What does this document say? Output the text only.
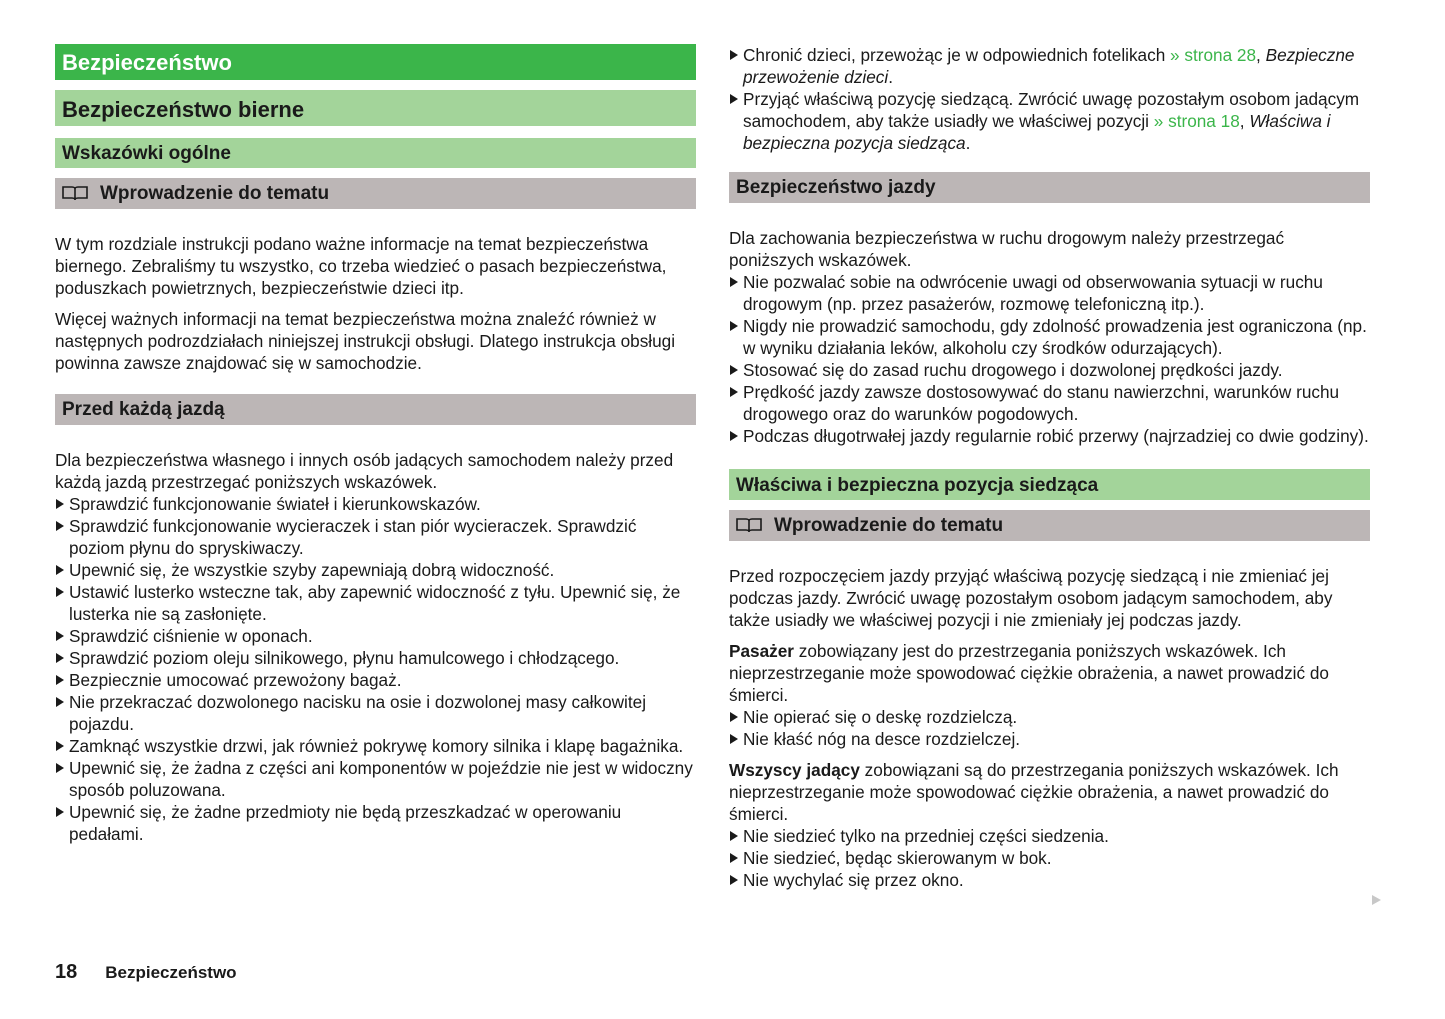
Bezpieczeństwo
Bezpieczeństwo bierne
Wskazówki ogólne
Wprowadzenie do tematu

W tym rozdziale instrukcji podano ważne informacje na temat bezpieczeństwa biernego. Zebraliśmy tu wszystko, co trzeba wiedzieć o pasach bezpieczeństwa, poduszkach powietrznych, bezpieczeństwie dzieci itp.

Więcej ważnych informacji na temat bezpieczeństwa można znaleźć również w następnych podrozdziałach niniejszej instrukcji obsługi. Dlatego instrukcja obsługi powinna zawsze znajdować się w samochodzie.

Przed każdą jazdą

Dla bezpieczeństwa własnego i innych osób jadących samochodem należy przed każdą jazdą przestrzegać poniższych wskazówek.

Sprawdzić funkcjonowanie świateł i kierunkowskazów.
Sprawdzić funkcjonowanie wycieraczek i stan piór wycieraczek. Sprawdzić poziom płynu do spryskiwaczy.
Upewnić się, że wszystkie szyby zapewniają dobrą widoczność.
Ustawić lusterko wsteczne tak, aby zapewnić widoczność z tyłu. Upewnić się, że lusterka nie są zasłonięte.
Sprawdzić ciśnienie w oponach.
Sprawdzić poziom oleju silnikowego, płynu hamulcowego i chłodzącego.
Bezpiecznie umocować przewożony bagaż.
Nie przekraczać dozwolonego nacisku na osie i dozwolonej masy całkowitej pojazdu.
Zamknąć wszystkie drzwi, jak również pokrywę komory silnika i klapę bagażnika.
Upewnić się, że żadna z części ani komponentów w pojeździe nie jest w widoczny sposób poluzowana.
Upewnić się, że żadne przedmioty nie będą przeszkadzać w operowaniu pedałami.
Chronić dzieci, przewożąc je w odpowiednich fotelikach » strona 28, Bezpieczne przewożenie dzieci.
Przyjąć właściwą pozycję siedzącą. Zwrócić uwagę pozostałym osobom jadącym samochodem, aby także usiadły we właściwej pozycji » strona 18, Właściwa i bezpieczna pozycja siedząca.
Bezpieczeństwo jazdy

Dla zachowania bezpieczeństwa w ruchu drogowym należy przestrzegać poniższych wskazówek.

Nie pozwalać sobie na odwrócenie uwagi od obserwowania sytuacji w ruchu drogowym (np. przez pasażerów, rozmowę telefoniczną itp.).
Nigdy nie prowadzić samochodu, gdy zdolność prowadzenia jest ograniczona (np. w wyniku działania leków, alkoholu czy środków odurzających).
Stosować się do zasad ruchu drogowego i dozwolonej prędkości jazdy.
Prędkość jazdy zawsze dostosowywać do stanu nawierzchni, warunków ruchu drogowego oraz do warunków pogodowych.
Podczas długotrwałej jazdy regularnie robić przerwy (najrzadziej co dwie godziny).
Właściwa i bezpieczna pozycja siedząca
Wprowadzenie do tematu

Przed rozpoczęciem jazdy przyjąć właściwą pozycję siedzącą i nie zmieniać jej podczas jazdy. Zwrócić uwagę pozostałym osobom jadącym samochodem, aby także usiadły we właściwej pozycji i nie zmieniały jej podczas jazdy.

Pasażer zobowiązany jest do przestrzegania poniższych wskazówek. Ich nieprzestrzeganie może spowodować ciężkie obrażenia, a nawet prowadzić do śmierci.

Nie opierać się o deskę rozdzielczą.
Nie kłaść nóg na desce rozdzielczej.

Wszyscy jadący zobowiązani są do przestrzegania poniższych wskazówek. Ich nieprzestrzeganie może spowodować ciężkie obrażenia, a nawet prowadzić do śmierci.

Nie siedzieć tylko na przedniej części siedzenia.
Nie siedzieć, będąc skierowanym w bok.
Nie wychylać się przez okno.
18 Bezpieczeństwo
